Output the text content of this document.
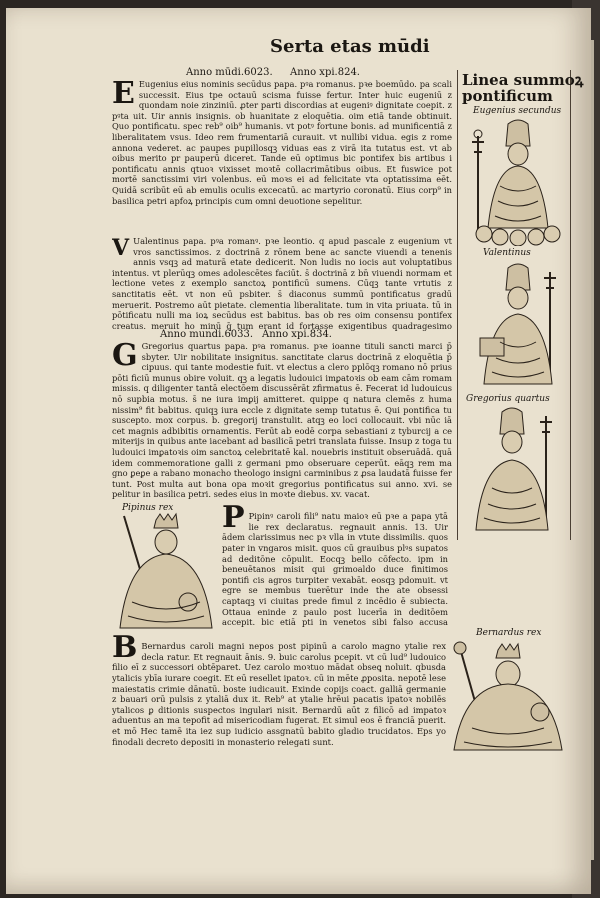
Serta etas mūdi
Anno mūdi.6023. Anno xpi.824.
E Eugenius eius nominis secūdus papa. pꝰa romanus. pꝛe boemūdo. pa scali successit. Eius tpe octauū scisma fuisse fertur. Inter huic eugeniū z quondam noie zinziniū. ꝓter parti discordias at eugeniꝰ dignitate coepit. z pꝰta uit. Uir annis insignis. ob huanitate z eloquētia. oim etiā tande obtinuit. Quo pontificatu. spec reb⁹ oib⁹ humanis. vt potꝰ fortune bonis. ad munificentiā z liberalitatem vsus. Ideo rem frumentariā curauit. vt nullibi vidua. egis z rome annona vederet. ac paupes pupillosqꝫ viduas eas z virā ita tutatus est. vt ab oibus merito pr pauperū diceret. Tande eū optimus bic pontifex bis artibus i pontificatu annis qtuoꝛ vixisset moꝛtē collacrimātibus oibus. Et fuswice pot mortē sanctissimi viri volenbus. eū moꝛs ei ad felicitate vta optatissima eēt. Quidā scribūt eū ab emulis oculis excecatū. ac martyrio coronatū. Eius corp⁹ in basilica petri apfoꝝ principis cum omni deuotione sepelitur.

V Ualentinus papa. pꝰa romanꝰ. pꝛe leontio. q apud pascale z eugenium vt vros sanctissimos. z doctrinā z rōnem bene ac sancte viuendi a tenenis annis vsqꝫ ad maturā etate dedicerit. Non ludis no iocis aut voluptatibus intentus. vt plerūqꝫ omes adolescētes faciūt. s̄ doctrinā z bn̄ viuendi normam et lectione vetes z exemplo sanctoꝝ pontificū sumens. Cūqꝫ tante vrtutis z sanctitatis eēt. vt non eū psbiter. s̄ diaconus summū pontificatus gradū meruerit. Postremo aūt pietate. clementia liberalitate. tum in vita priuata. tū in pōtificatu nulli ma ioꝝ secūdus est babitus. bas ob res oim consensu pontifex creatus. meruit ho minū q̄ tum erant id fortasse exigentibus quadragesimo

Anno mundi.6033. Anno xpi.834.
G Gregorius quartus papa. pꝰa romanus. pꝛe ioanne tituli sancti marci p̄ sbyter. Uir nobilitate insignitus. sanctitate clarus doctrinā z eloquētia p̄ cipuus. qui tante modestie fuit. vt electus a clero pplōqꝫ romano nō prius pōti ficiū munus obire voluit. qꝫ a legatis ludouici imꝑatoꝛis ob eam cām romam missis. q diligenter tantā electōem discussērāt zfirmatus ē. Fecerat id ludouicus nō supbia motus. s̄ ne iura imꝑij amitteret. quippe q natura clemēs z huma nissim⁹ fit babitus. quiqꝫ iura eccle z dignitate semp tutatus ē. Qui pontifica tu suscepto. mox corpus. b. gregorij transtulit. atqꝫ eo loci collocauit. vbi nūc iā cet magnis adbibitis ornamentis. Ferūt ab eodē corpa sebastiani z tyburcij a ce miterijs in quibus ante iacebant ad basilicā petri translata fuisse. Insup z toga tu ludouici imꝑatoꝛis oim sanctoꝝ celebritatē kal. nouebris instituit obseruādā. quā idem commemoratione galli z germani pmo obseruare ceperūt. eāqꝫ rem ma gno ꝑeꝑe a rabano monacho theologo insigni carminibus z ꝓsa laudatā fuisse fer tunt. Post multa aut bona opa moꝛit gregorius pontificatus sui anno. xvi. se pelitur in basilica petri. sedes eius in moꝛte diebus. xv. vacat.

Linea summoꝝ
pontificum
Eugenius secundus
Valentinus
Gregorius quartus
Pipinus rex P Pipinꝰ caroli fili⁹ natu maioꝛ eū pꝛe a papa ytā lie rex declaratus. regnauit annis. 13. Uir ādem clarissimus nec pꝛ vlla in vtute dissimilis. quos pater in vngaros misit. quos cū grauibus plꝰs supatos ad deditōne cōpulit. Eocqꝫ bello cōfecto. ipm in beneuētanos misit qui grimoaldo duce finitimos pontifi cis agros turpiter vexabāt. eosqꝫ pdomuit. vt egre se membus tuerētur inde the ate obsessi captaqꝫ vi ciuitas prede fimul z incēdio ē subiecta. Ottaua eninde z paulo post lucerīa in deditōem accepit. bic etiā pti in venetos sibi falso accusa

B Bernardus caroli magni nepos post pipinū a carolo magno ytalie rex decla ratur. Et regnauit ānis. 9. buic carolus pcepit. vt cū lud⁹ ludouico filio eī z successori obtēparet. Uez carolo moꝛtuo mādat obseꝗ noluit. qbusda ytalicis ybīa iurare coegit. Et eū resellet ipatoꝛ. cū in mēte ꝓposita. nepotē lese maiestatis crimie dānatū. boste iudicauit. Exinde copijs coact. galliā germanie z bauari orū pulsis z ytaliā dux it. Reb⁹ at ytalie hrēui pacatis ipatoꝛ nobilēs ytalicos ꝑ ditionis suspectos ingulari nisit. Bernardū aūt z filicō ad impatoꝛ aduentus an ma tepofit ad misericodiam fugerat. Et simul eos ē franciā puerit. et mō Hec tamē ita iez sup iudicio assgnatū babito gladio trucidatos. Eps yo finodali decreto depositi in monasterio relegati sunt.

Bernardus rex
